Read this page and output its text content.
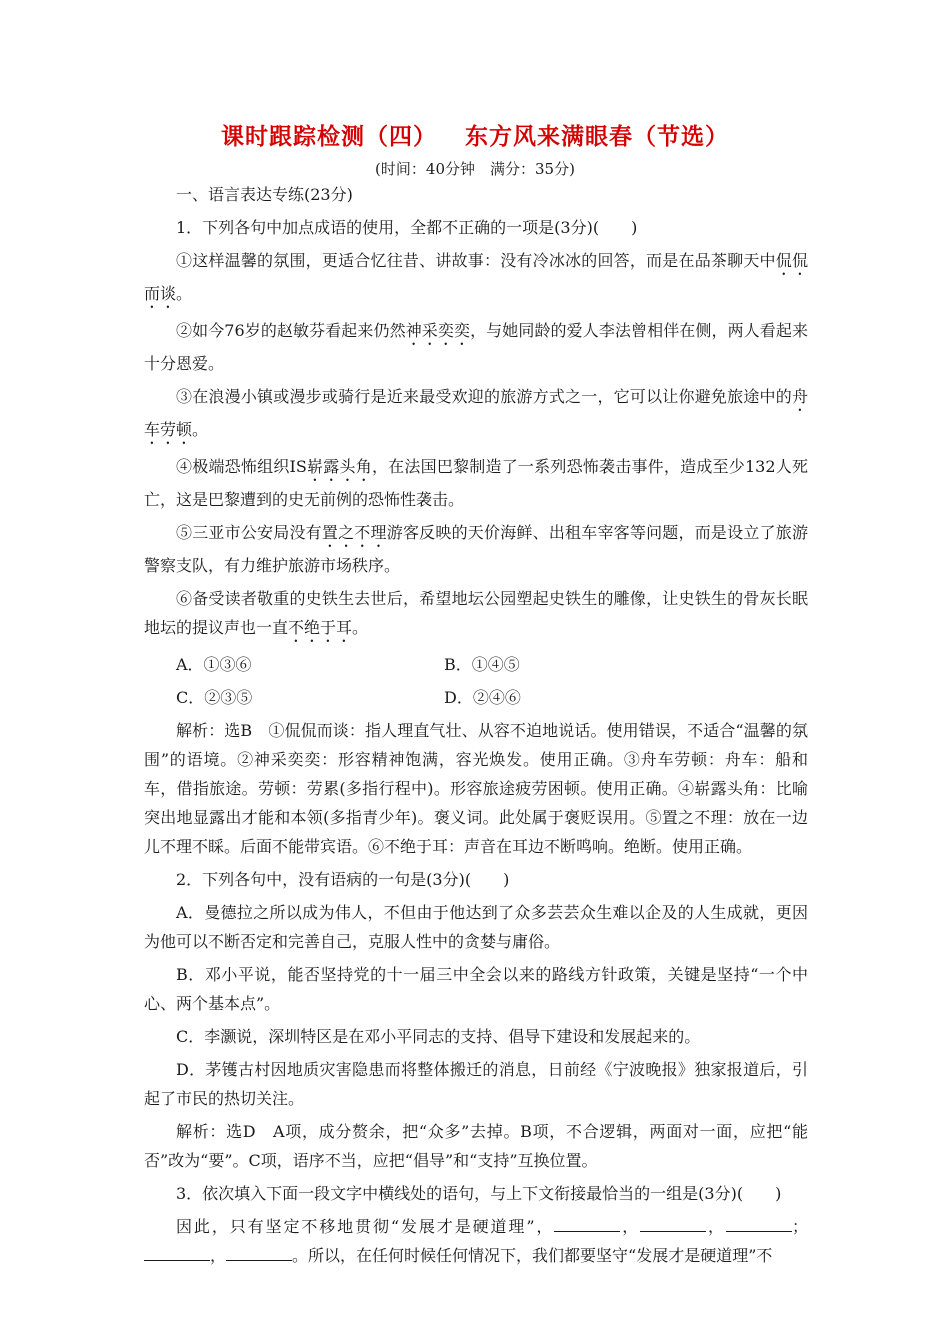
课时跟踪检测（四） 东方风来满眼春（节选）
(时间：40分钟　满分：35分)

一、语言表达专练(23分)

1．下列各句中加点成语的使用，全都不正确的一项是(3分)(　　)

①这样温馨的氛围，更适合忆往昔、讲故事：没有冷冰冰的回答，而是在品茶聊天中侃侃而谈。

②如今76岁的赵敏芬看起来仍然神采奕奕，与她同龄的爱人李法曾相伴在侧，两人看起来十分恩爱。

③在浪漫小镇或漫步或骑行是近来最受欢迎的旅游方式之一，它可以让你避免旅途中的舟车劳顿。

④极端恐怖组织IS崭露头角，在法国巴黎制造了一系列恐怖袭击事件，造成至少132人死亡，这是巴黎遭到的史无前例的恐怖性袭击。

⑤三亚市公安局没有置之不理游客反映的天价海鲜、出租车宰客等问题，而是设立了旅游警察支队，有力维护旅游市场秩序。

⑥备受读者敬重的史铁生去世后，希望地坛公园塑起史铁生的雕像，让史铁生的骨灰长眠地坛的提议声也一直不绝于耳。

A．①③⑥	B．①④⑤
C．②③⑤	D．②④⑥

解析：选B　①侃侃而谈：指人理直气壮、从容不迫地说话。使用错误，不适合“温馨的氛围”的语境。②神采奕奕：形容精神饱满，容光焕发。使用正确。③舟车劳顿：舟车：船和车，借指旅途。劳顿：劳累(多指行程中)。形容旅途疲劳困顿。使用正确。④崭露头角：比喻突出地显露出才能和本领(多指青少年)。褒义词。此处属于褒贬误用。⑤置之不理：放在一边儿不理不睬。后面不能带宾语。⑥不绝于耳：声音在耳边不断鸣响。绝断。使用正确。

2．下列各句中，没有语病的一句是(3分)(　　)

A．曼德拉之所以成为伟人，不但由于他达到了众多芸芸众生难以企及的人生成就，更因为他可以不断否定和完善自己，克服人性中的贪婪与庸俗。

B．邓小平说，能否坚持党的十一届三中全会以来的路线方针政策，关键是坚持“一个中心、两个基本点”。

C．李灏说，深圳特区是在邓小平同志的支持、倡导下建设和发展起来的。

D．茅镬古村因地质灾害隐患而将整体搬迁的消息，日前经《宁波晚报》独家报道后，引起了市民的热切关注。

解析：选D　A项，成分赘余，把“众多”去掉。B项，不合逻辑，两面对一面，应把“能否”改为“要”。C项，语序不当，应把“倡导”和“支持”互换位置。

3．依次填入下面一段文字中横线处的语句，与上下文衔接最恰当的一组是(3分)(　　)

因此，只有坚定不移地贯彻“发展才是硬道理”，	，	，	；，	。所以，在任何时候任何情况下，我们都要坚守“发展才是硬道理”不
